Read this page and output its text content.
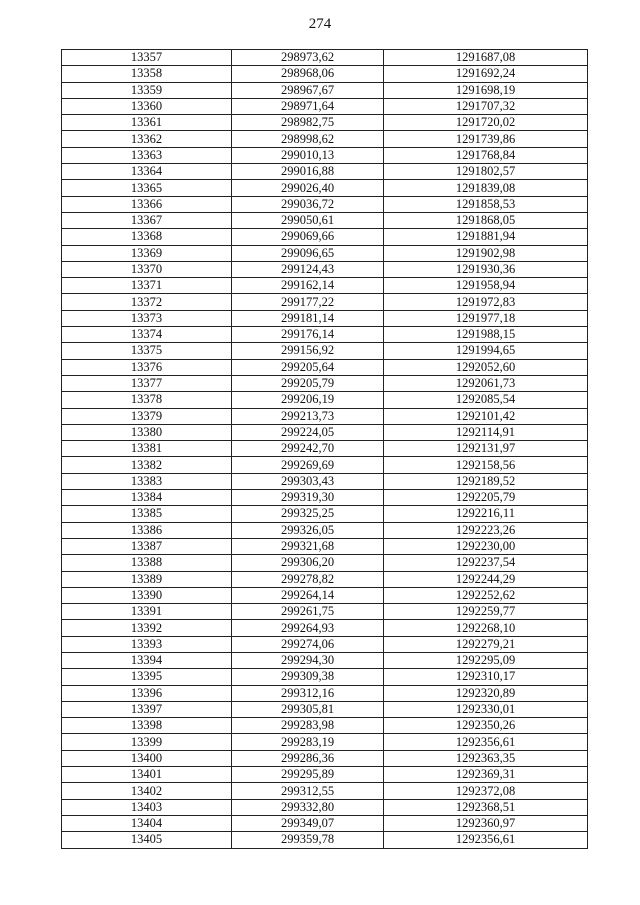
274
13357	298973,62	1291687,08
13358	298968,06	1291692,24
13359	298967,67	1291698,19
13360	298971,64	1291707,32
13361	298982,75	1291720,02
13362	298998,62	1291739,86
13363	299010,13	1291768,84
13364	299016,88	1291802,57
13365	299026,40	1291839,08
13366	299036,72	1291858,53
13367	299050,61	1291868,05
13368	299069,66	1291881,94
13369	299096,65	1291902,98
13370	299124,43	1291930,36
13371	299162,14	1291958,94
13372	299177,22	1291972,83
13373	299181,14	1291977,18
13374	299176,14	1291988,15
13375	299156,92	1291994,65
13376	299205,64	1292052,60
13377	299205,79	1292061,73
13378	299206,19	1292085,54
13379	299213,73	1292101,42
13380	299224,05	1292114,91
13381	299242,70	1292131,97
13382	299269,69	1292158,56
13383	299303,43	1292189,52
13384	299319,30	1292205,79
13385	299325,25	1292216,11
13386	299326,05	1292223,26
13387	299321,68	1292230,00
13388	299306,20	1292237,54
13389	299278,82	1292244,29
13390	299264,14	1292252,62
13391	299261,75	1292259,77
13392	299264,93	1292268,10
13393	299274,06	1292279,21
13394	299294,30	1292295,09
13395	299309,38	1292310,17
13396	299312,16	1292320,89
13397	299305,81	1292330,01
13398	299283,98	1292350,26
13399	299283,19	1292356,61
13400	299286,36	1292363,35
13401	299295,89	1292369,31
13402	299312,55	1292372,08
13403	299332,80	1292368,51
13404	299349,07	1292360,97
13405	299359,78	1292356,61
